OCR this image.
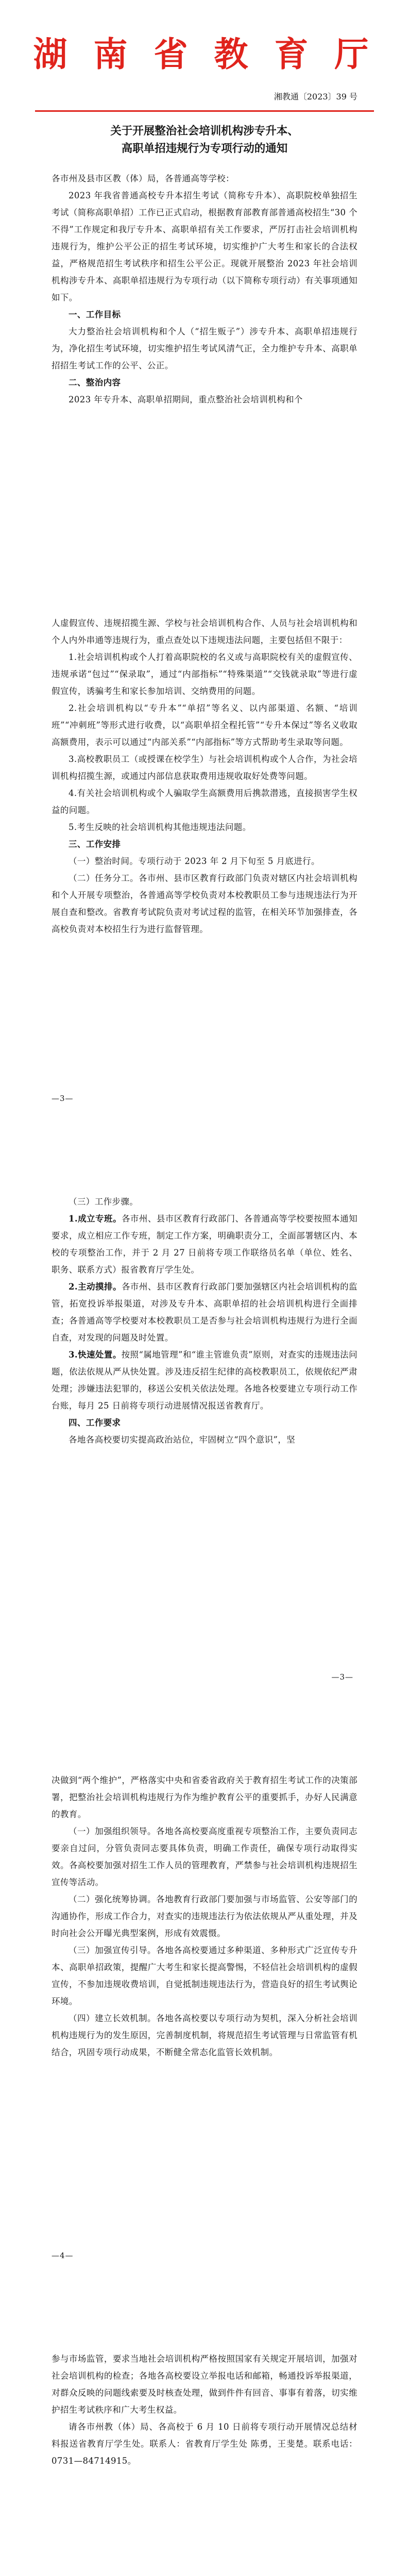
湖 南 省 教 育 厅
湘教通〔2023〕39 号
关于开展整治社会培训机构涉专升本、
高职单招违规行为专项行动的通知

各市州及县市区教（体）局，各普通高等学校：

2023 年我省普通高校专升本招生考试（简称专升本）、高职院校单独招生考试（简称高职单招）工作已正式启动，根据教育部教育部普通高校招生“30 个不得”工作规定和我厅专升本、高职单招有关工作要求，严厉打击社会培训机构违规行为，维护公平公正的招生考试环境，切实维护广大考生和家长的合法权益，严格规范招生考试秩序和招生公平公正。现就开展整治 2023 年社会培训机构涉专升本、高职单招违规行为专项行动（以下简称专项行动）有关事项通知如下。

一、工作目标

大力整治社会培训机构和个人（“招生贩子”）涉专升本、高职单招违规行为，净化招生考试环境，切实维护招生考试风清气正，全力维护专升本、高职单招招生考试工作的公平、公正。

二、整治内容

2023 年专升本、高职单招期间，重点整治社会培训机构和个

人虚假宣传、违规招揽生源、学校与社会培训机构合作、人员与社会培训机构和个人内外串通等违规行为，重点查处以下违规违法问题，主要包括但不限于：

1.社会培训机构或个人打着高职院校的名义或与高职院校有关的虚假宣传、违规承诺“包过”“保录取”，通过“内部指标”“特殊渠道”“交钱就录取”等进行虚假宣传，诱骗考生和家长参加培训、交纳费用的问题。

2.社会培训机构以“专升本”“单招”等名义、以内部渠道、名额、“培训班”“冲刺班”等形式进行收费，以“高职单招全程托管”“专升本保过”等名义收取高额费用，表示可以通过“内部关系”“内部指标”等方式帮助考生录取等问题。

3.高校教职员工（或授课在校学生）与社会培训机构或个人合作，为社会培训机构招揽生源，或通过内部信息获取费用违规收取好处费等问题。

4.有关社会培训机构或个人骗取学生高额费用后携款潜逃，直接损害学生权益的问题。

5.考生反映的社会培训机构其他违规违法问题。

三、工作安排

（一）整治时间。专项行动于 2023 年 2 月下旬至 5 月底进行。

（二）任务分工。各市州、县市区教育行政部门负责对辖区内社会培训机构和个人开展专项整治，各普通高等学校负责对本校教职员工参与违规违法行为开展自查和整改。省教育考试院负责对考试过程的监管，在相关环节加强排查，各高校负责对本校招生行为进行监督管理。

—3—

（三）工作步骤。

1.成立专班。各市州、县市区教育行政部门、各普通高等学校要按照本通知要求，成立相应工作专班，制定工作方案，明确职责分工，全面部署辖区内、本校的专项整治工作，并于 2 月 27 日前将专项工作联络员名单（单位、姓名、职务、联系方式）报省教育厅学生处。

2.主动摸排。各市州、县市区教育行政部门要加强辖区内社会培训机构的监管，拓宽投诉举报渠道，对涉及专升本、高职单招的社会培训机构进行全面排查；各普通高等学校要对本校教职员工是否参与社会培训机构违规行为进行全面自查，对发现的问题及时处置。

3.快速处置。按照“属地管理”和“谁主管谁负责”原则，对查实的违规违法问题，依法依规从严从快处置。涉及违反招生纪律的高校教职员工，依规依纪严肃处理；涉嫌违法犯罪的，移送公安机关依法处理。各地各校要建立专项行动工作台账，每月 25 日前将专项行动进展情况报送省教育厅。

四、工作要求

各地各高校要切实提高政治站位，牢固树立“四个意识”，坚

—3—

决做到“两个维护”，严格落实中央和省委省政府关于教育招生考试工作的决策部署，把整治社会培训机构违规行为作为维护教育公平的重要抓手，办好人民满意的教育。

（一）加强组织领导。各地各高校要高度重视专项整治工作，主要负责同志要亲自过问，分管负责同志要具体负责，明确工作责任，确保专项行动取得实效。各高校要加强对招生工作人员的管理教育，严禁参与社会培训机构违规招生宣传等活动。

（二）强化统筹协调。各地教育行政部门要加强与市场监管、公安等部门的沟通协作，形成工作合力，对查实的违规违法行为依法依规从严从重处理，并及时向社会公开曝光典型案例，形成有效震慑。

（三）加强宣传引导。各地各高校要通过多种渠道、多种形式广泛宣传专升本、高职单招政策，提醒广大考生和家长提高警惕，不轻信社会培训机构的虚假宣传，不参加违规收费培训，自觉抵制违规违法行为，营造良好的招生考试舆论环境。

（四）建立长效机制。各地各高校要以专项行动为契机，深入分析社会培训机构违规行为的发生原因，完善制度机制，将规范招生考试管理与日常监管有机结合，巩固专项行动成果，不断健全常态化监管长效机制。

—4—

参与市场监管，要求当地社会培训机构严格按照国家有关规定开展培训，加强对社会培训机构的检查；各地各高校要设立举报电话和邮箱，畅通投诉举报渠道，对群众反映的问题线索要及时核查处理，做到件件有回音、事事有着落，切实维护招生考试秩序和广大考生权益。

请各市州教（体）局、各高校于 6 月 10 日前将专项行动开展情况总结材料报送省教育厅学生处。联系人：省教育厅学生处 陈勇，王斐楚。联系电话：0731—84714915。
